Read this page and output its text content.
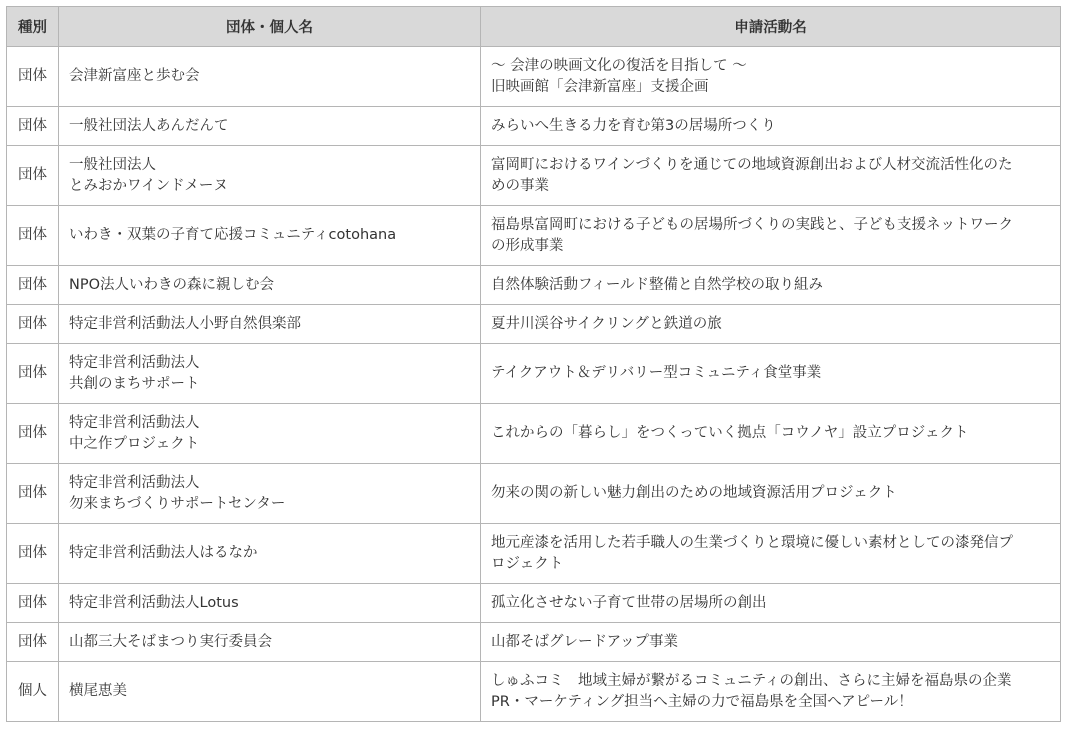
種別	団体・個人名	申請活動名
団体	会津新富座と歩む会	～ 会津の映画文化の復活を目指して ～
旧映画館「会津新富座」支援企画

団体	一般社団法人あんだんて	みらいへ生きる力を育む第3の居場所つくり

団体	一般社団法人
とみおかワインドメーヌ	富岡町におけるワインづくりを通じての地域資源創出および人材交流活性化のた
めの事業

団体	いわき・双葉の子育て応援コミュニティcotohana	福島県富岡町における子どもの居場所づくりの実践と、子ども支援ネットワーク
の形成事業

団体	NPO法人いわきの森に親しむ会	自然体験活動フィールド整備と自然学校の取り組み

団体	特定非営利活動法人小野自然倶楽部	夏井川渓谷サイクリングと鉄道の旅

団体	特定非営利活動法人
共創のまちサポート	テイクアウト＆デリバリー型コミュニティ食堂事業

団体	特定非営利活動法人
中之作プロジェクト	これからの「暮らし」をつくっていく拠点「コウノヤ」設立プロジェクト

団体	特定非営利活動法人
勿来まちづくりサポートセンター	勿来の関の新しい魅力創出のための地域資源活用プロジェクト

団体	特定非営利活動法人はるなか	地元産漆を活用した若手職人の生業づくりと環境に優しい素材としての漆発信プ
ロジェクト

団体	特定非営利活動法人Lotus	孤立化させない子育て世帯の居場所の創出

団体	山都三大そばまつり実行委員会	山都そばグレードアップ事業

個人	横尾恵美	しゅふコミ　地域主婦が繋がるコミュニティの創出、さらに主婦を福島県の企業
PR・マーケティング担当へ主婦の力で福島県を全国へアピール！
